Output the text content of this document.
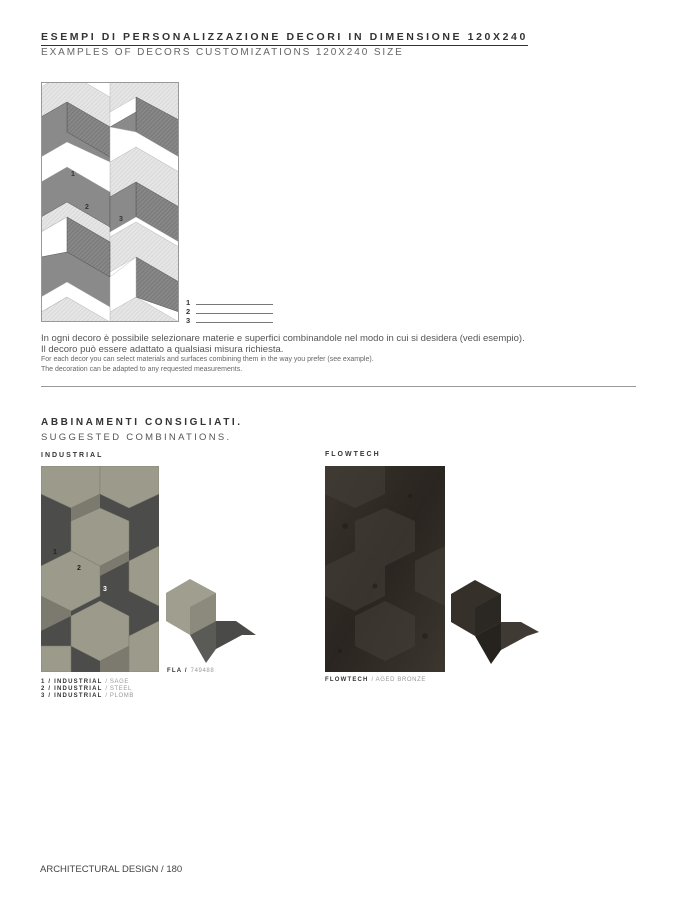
ESEMPI DI PERSONALIZZAZIONE DECORI IN DIMENSIONE 120X240
EXAMPLES OF DECORS CUSTOMIZATIONS 120X240 SIZE
1
2
3
1
2
3
In ogni decoro è possibile selezionare materie e superfici combinandole nel modo in cui si desidera (vedi esempio).
Il decoro può essere adattato a qualsiasi misura richiesta.
For each decor you can select materials and surfaces combining them in the way you prefer (see example).
The decoration can be adapted to any requested measurements.
ABBINAMENTI CONSIGLIATI.
SUGGESTED COMBINATIONS.
INDUSTRIAL
1
2
3
FLA / 749488
1 / INDUSTRIAL / SAGE
2 / INDUSTRIAL / STEEL
3 / INDUSTRIAL / PLOMB
FLOWTECH
FLOWTECH / AGED BRONZE
ARCHITECTURAL DESIGN / 180
